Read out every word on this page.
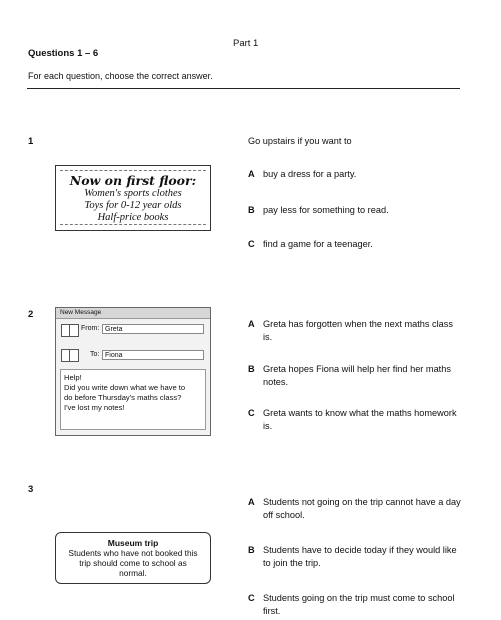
Part 1
Questions 1 – 6
For each question, choose the correct answer.
1	Go upstairs if you want to
Now on first floor:
Women's sports clothes
Toys for 0-12 year olds
Half-price books
A buy a dress for a party.
B pay less for something to read.
C find a game for a teenager.
2	New Message
From: Greta
To: Fiona
Help!
Did you write down what we have to
do before Thursday's maths class?
I've lost my notes!
A Greta has forgotten when the next maths class is.
B Greta hopes Fiona will help her find her maths notes.
C Greta wants to know what the maths homework is.
3
Museum trip
Students who have not booked this
trip should come to school as
normal.
A Students not going on the trip cannot have a day off school.
B Students have to decide today if they would like to join the trip.
C Students going on the trip must come to school first.
